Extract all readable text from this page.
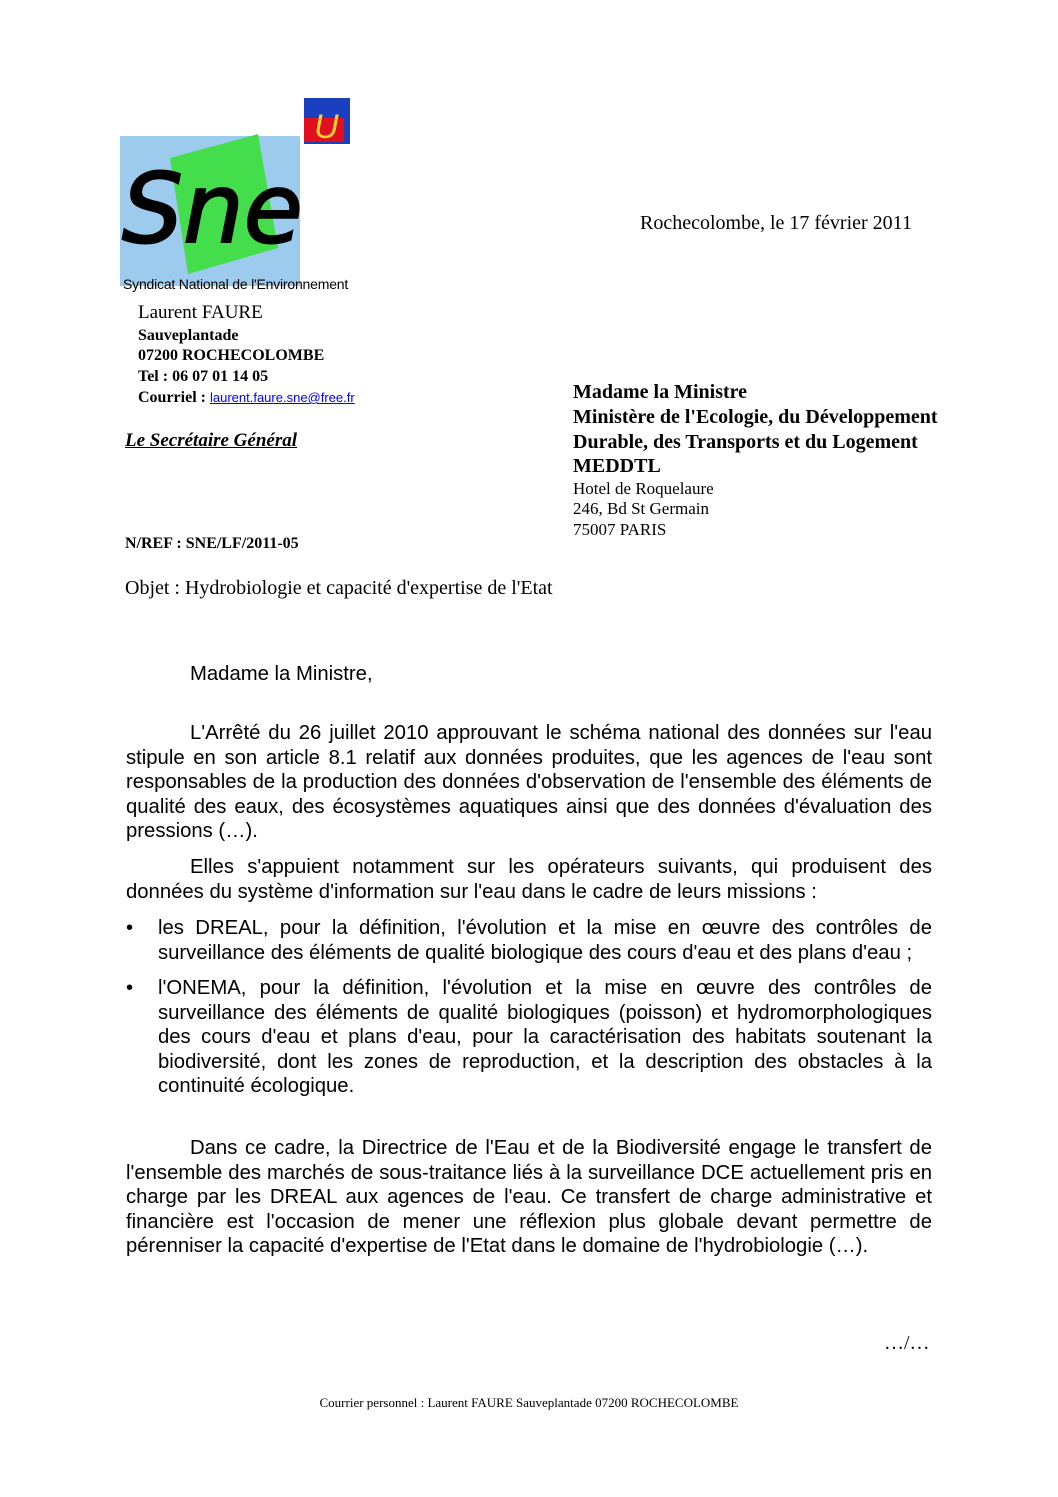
U
Sne
Syndicat National de l'Environnement
Rochecolombe, le 17 février 2011
Laurent FAURE
Sauveplantade
07200 ROCHECOLOMBE
Tel : 06 07 01 14 05
Courriel : laurent.faure.sne@free.fr
Le Secrétaire Général
Madame la Ministre
Ministère de l'Ecologie, du Développement
Durable, des Transports et du Logement
MEDDTL
Hotel de Roquelaure
246, Bd St Germain
75007 PARIS
N/REF : SNE/LF/2011-05
Objet : Hydrobiologie et capacité d'expertise de l'Etat
Madame la Ministre,

L'Arrêté du 26 juillet 2010 approuvant le schéma national des données sur l'eau stipule en son article 8.1 relatif aux données produites, que les agences de l'eau sont responsables de la production des données d'observation de l'ensemble des éléments de qualité des eaux, des écosystèmes aquatiques ainsi que des données d'évaluation des pressions (…).

Elles s'appuient notamment sur les opérateurs suivants, qui produisent des données du système d'information sur l'eau dans le cadre de leurs missions :

• les DREAL, pour la définition, l'évolution et la mise en œuvre des contrôles de surveillance des éléments de qualité biologique des cours d'eau et des plans d'eau ;
• l'ONEMA, pour la définition, l'évolution et la mise en œuvre des contrôles de surveillance des éléments de qualité biologiques (poisson) et hydromorphologiques des cours d'eau et plans d'eau, pour la caractérisation des habitats soutenant la biodiversité, dont les zones de reproduction, et la description des obstacles à la continuité écologique.

Dans ce cadre, la Directrice de l'Eau et de la Biodiversité engage le transfert de l'ensemble des marchés de sous-traitance liés à la surveillance DCE actuellement pris en charge par les DREAL aux agences de l'eau. Ce transfert de charge administrative et financière est l'occasion de mener une réflexion plus globale devant permettre de pérenniser la capacité d'expertise de l'Etat dans le domaine de l'hydrobiologie (…).

…/…
Courrier personnel : Laurent FAURE Sauveplantade 07200 ROCHECOLOMBE
